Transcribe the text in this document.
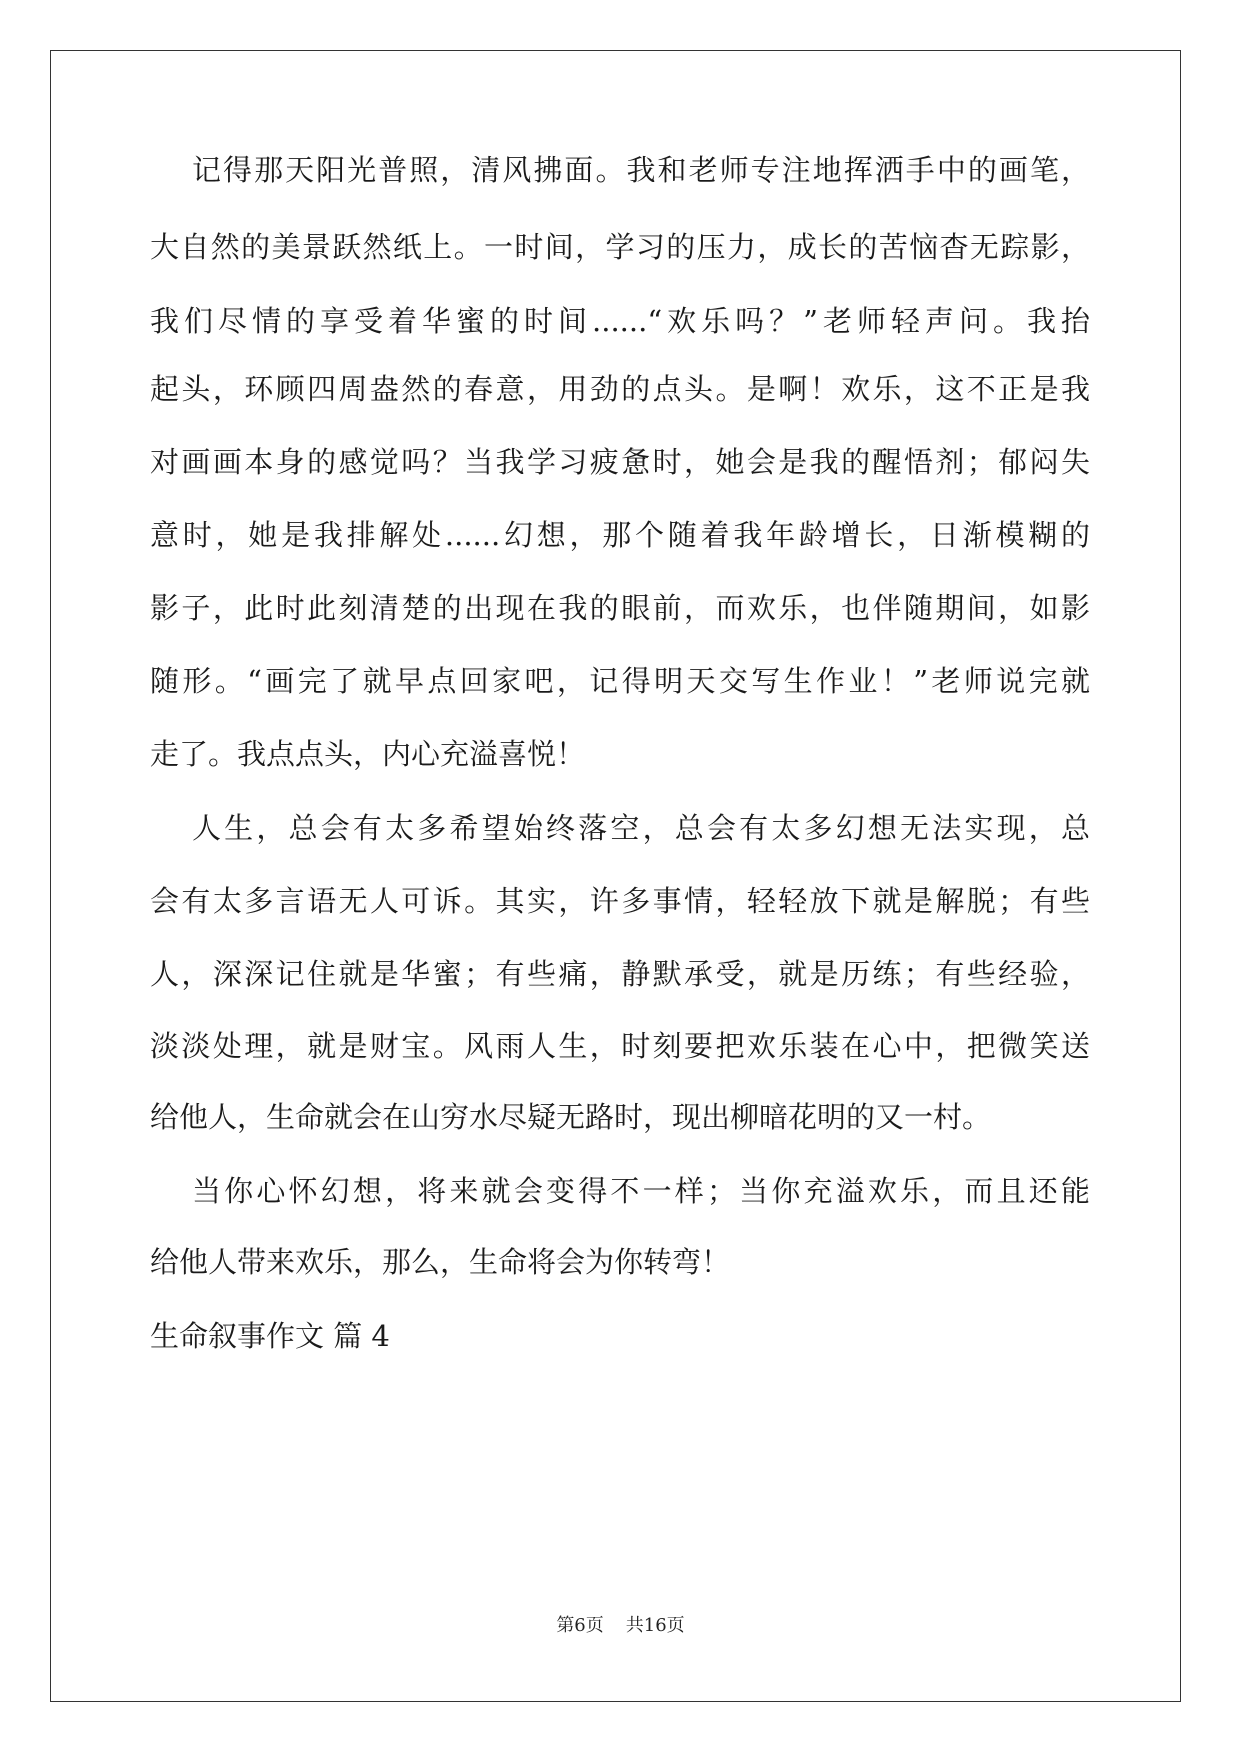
记得那天阳光普照，清风拂面。我和老师专注地挥洒手中的画笔，
大自然的美景跃然纸上。一时间，学习的压力，成长的苦恼杳无踪影，
我们尽情的享受着华蜜的时间......“欢乐吗？”老师轻声问。我抬
起头，环顾四周盎然的春意，用劲的点头。是啊！欢乐，这不正是我
对画画本身的感觉吗？当我学习疲惫时，她会是我的醒悟剂；郁闷失
意时，她是我排解处......幻想，那个随着我年龄增长，日渐模糊的
影子，此时此刻清楚的出现在我的眼前，而欢乐，也伴随期间，如影
随形。“画完了就早点回家吧，记得明天交写生作业！”老师说完就
走了。我点点头，内心充溢喜悦！
人生，总会有太多希望始终落空，总会有太多幻想无法实现，总
会有太多言语无人可诉。其实，许多事情，轻轻放下就是解脱；有些
人，深深记住就是华蜜；有些痛，静默承受，就是历练；有些经验，
淡淡处理，就是财宝。风雨人生，时刻要把欢乐装在心中，把微笑送
给他人，生命就会在山穷水尽疑无路时，现出柳暗花明的又一村。
当你心怀幻想，将来就会变得不一样；当你充溢欢乐，而且还能
给他人带来欢乐，那么，生命将会为你转弯！
生命叙事作文 篇 4
第6页 共16页
